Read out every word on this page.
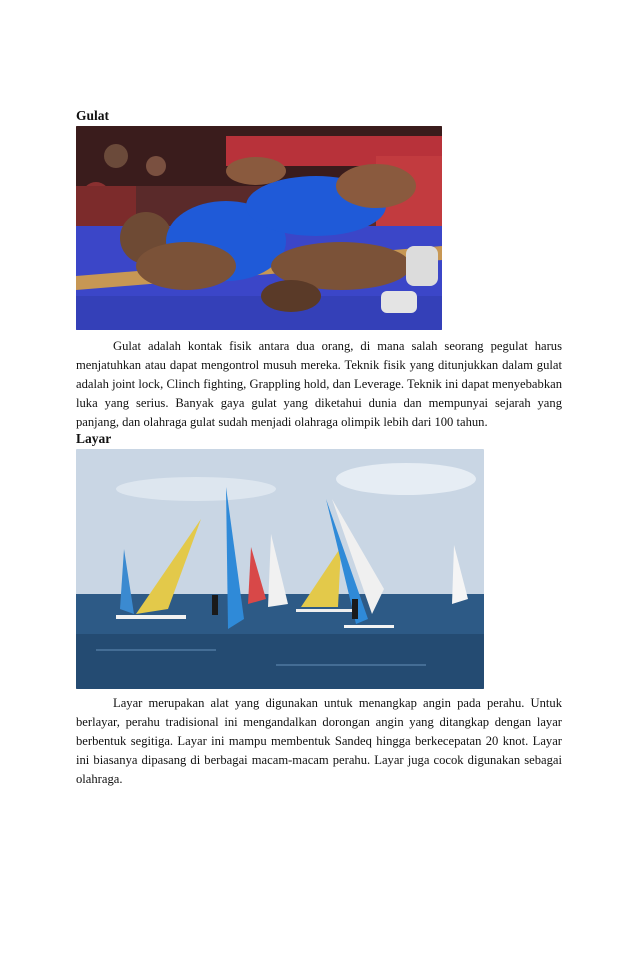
Gulat

Gulat adalah kontak fisik antara dua orang, di mana salah seorang pegulat harus menjatuhkan atau dapat mengontrol musuh mereka. Teknik fisik yang ditunjukkan dalam gulat adalah joint lock, Clinch fighting, Grappling hold, dan Leverage. Teknik ini dapat menyebabkan luka yang serius. Banyak gaya gulat yang diketahui dunia dan mempunyai sejarah yang panjang, dan olahraga gulat sudah menjadi olahraga olimpik lebih dari 100 tahun.

Layar

Layar merupakan alat yang digunakan untuk menangkap angin pada perahu. Untuk berlayar, perahu tradisional ini mengandalkan dorongan angin yang ditangkap dengan layar berbentuk segitiga. Layar ini mampu membentuk Sandeq hingga berkecepatan 20 knot. Layar ini biasanya dipasang di berbagai macam-macam perahu. Layar juga cocok digunakan sebagai olahraga.
